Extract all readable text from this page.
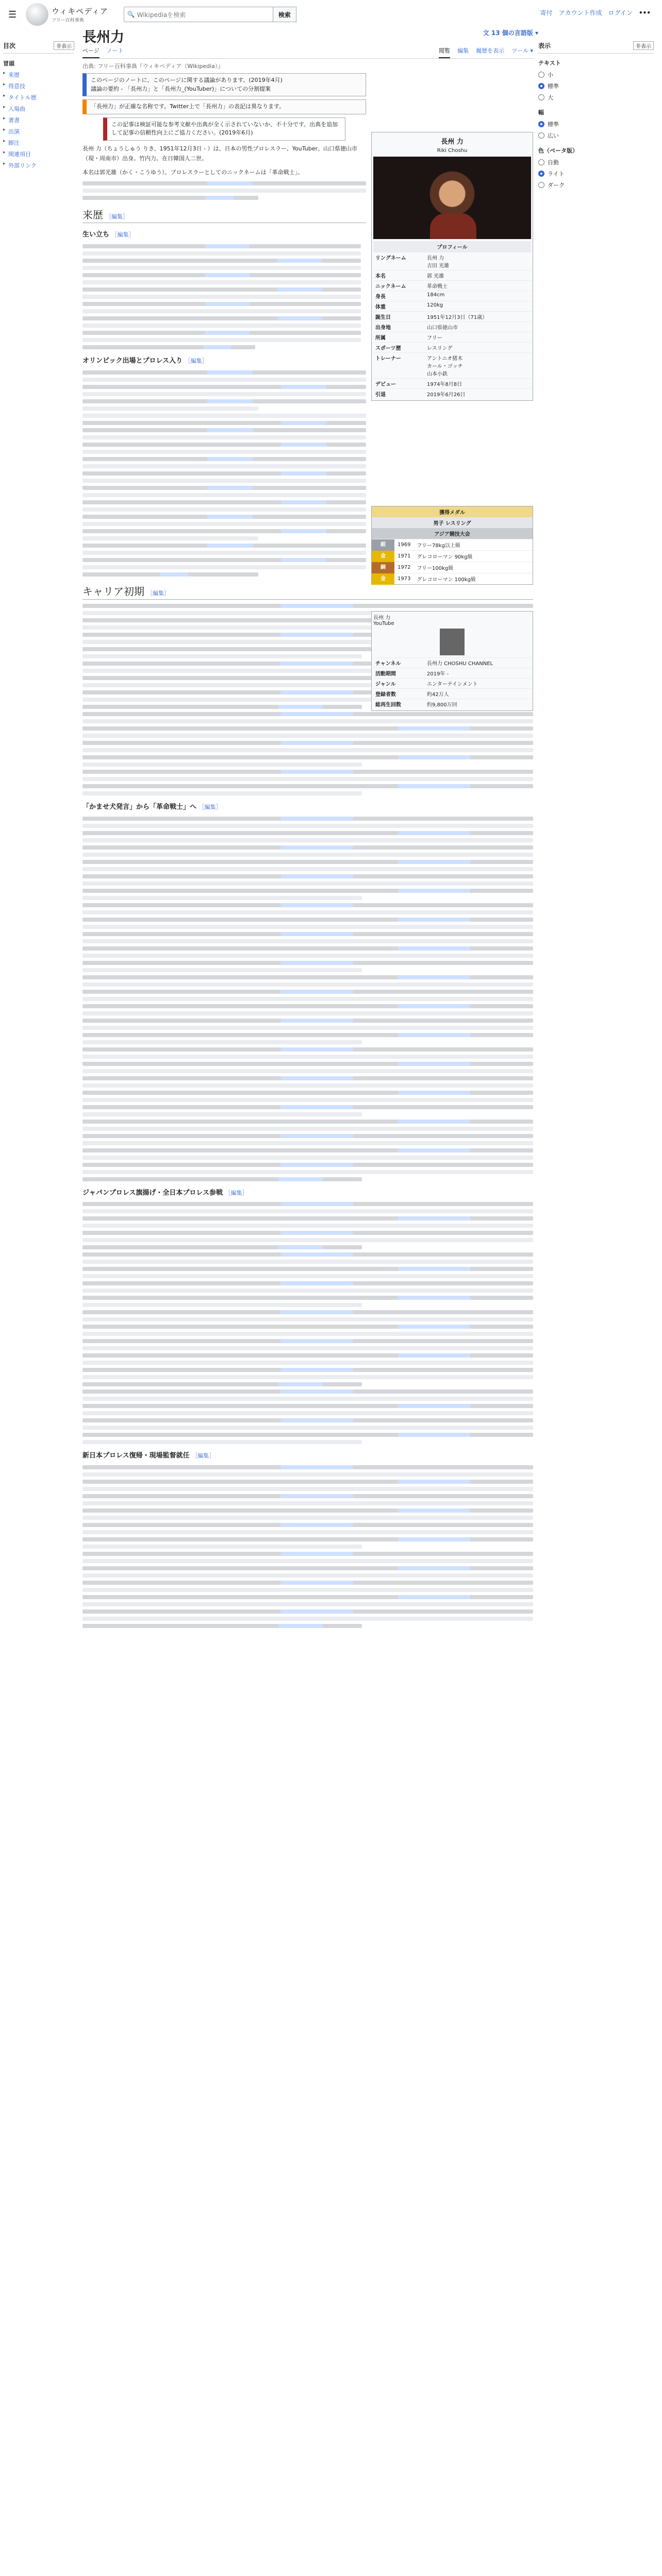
☰	ウィキペディア
フリー百科事典
🔍 Wikipediaを検索	検索	寄付 アカウント作成 ログイン •••
目次	非表示
冒頭
▸ 来歴
▸ 得意技
▸ タイトル歴
▸ 入場曲
▸ 著書
▸ 出演
▸ 脚注
▸ 関連項目
▸ 外部リンク
長州力	文 13 個の言語版 ▾
ページ ノート	閲覧 編集 履歴を表示 ツール ▾
出典: フリー百科事典『ウィキペディア（Wikipedia）』
このページのノートに、このページに関する議論があります。(2019年4月)
議論の要約 - 「長州力」と「長州力_(YouTuber)」についての分割提案
「長州力」が正確な名称です。Twitter上で「長州力」の表記は異なります。
この記事は検証可能な参考文献や出典が全く示されていないか、不十分です。出典を追加して記事の信頼性向上にご協力ください。(2019年6月)

長州 力（ちょうしゅう りき、1951年12月3日 - ）は、日本の男性プロレスラー、YouTuber。山口県徳山市（現・周南市）出身。竹内力。在日韓国人二世。

本名は郭光雄（かく・こうゆう）。プロレスラーとしてのニックネームは「革命戦士」。

来歴 ［編集］
生い立ち ［編集］
オリンピック出場とプロレス入り ［編集］
キャリア初期 ［編集］
「かませ犬発言」から「革命戦士」へ ［編集］
ジャパンプロレス旗揚げ・全日本プロレス参戦 ［編集］
新日本プロレス復帰・現場監督就任 ［編集］
長州 力
Riki Choshu
プロフィール
リングネーム	長州 力
吉田 光雄
本名	郭 光雄
ニックネーム	革命戦士
身長	184cm
体重	120kg
誕生日	1951年12月3日（71歳）
出身地	山口県徳山市
所属	フリー
スポーツ歴	レスリング
トレーナー	アントニオ猪木
カール・ゴッチ
山本小鉄
デビュー	1974年8月8日
引退	2019年6月26日
獲得メダル
男子 レスリング
アジア競技大会
銀	1969	フリー78kg以上級
金	1971	グレコローマン 90kg級
銅	1972	フリー100kg級
金	1973	グレコローマン 100kg級
長州 力
YouTube
チャンネル	長州力 CHOSHU CHANNEL
活動期間	2019年 -
ジャンル	エンターテインメント
登録者数	約42万人
総再生回数	約9,800万回
表示	非表示
テキスト
小
標準
大
幅
標準
広い
色（ベータ版）
自動
ライト
ダーク
